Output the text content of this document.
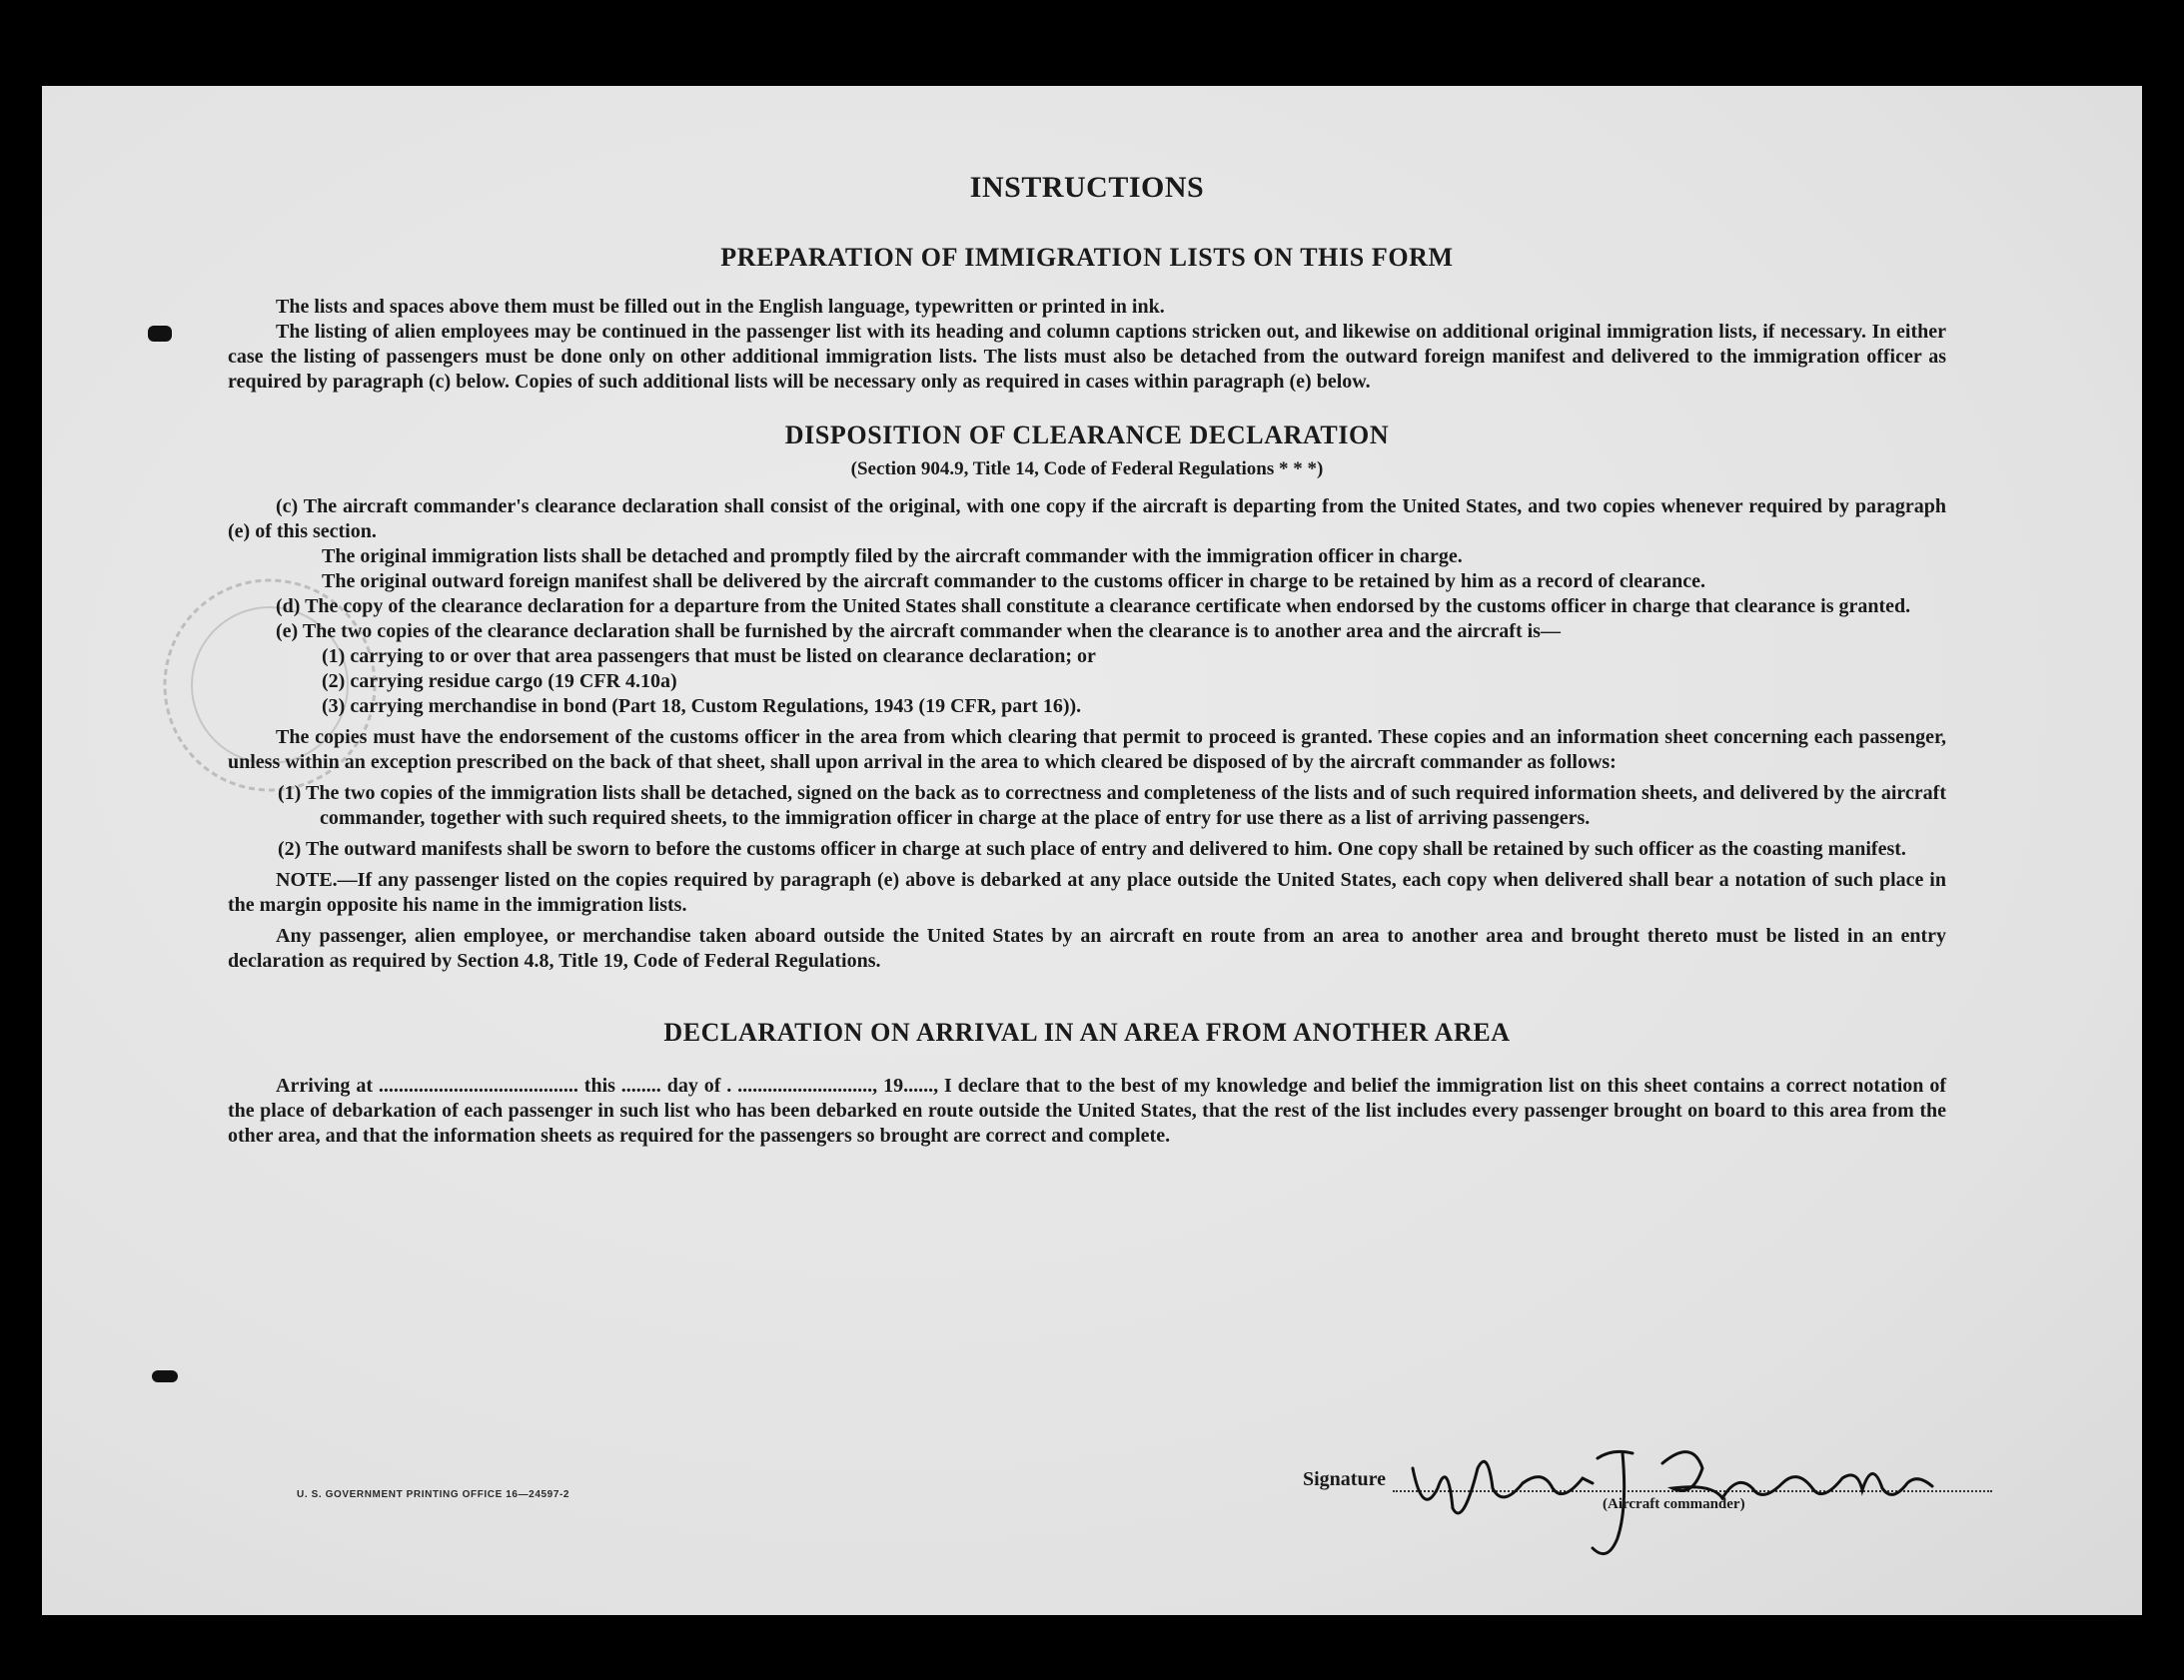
INSTRUCTIONS
PREPARATION OF IMMIGRATION LISTS ON THIS FORM

The lists and spaces above them must be filled out in the English language, typewritten or printed in ink.

The listing of alien employees may be continued in the passenger list with its heading and column captions stricken out, and likewise on additional original immigration lists, if necessary. In either case the listing of passengers must be done only on other additional immigration lists. The lists must also be detached from the outward foreign manifest and delivered to the immigration officer as required by paragraph (c) below. Copies of such additional lists will be necessary only as required in cases within paragraph (e) below.

DISPOSITION OF CLEARANCE DECLARATION
(Section 904.9, Title 14, Code of Federal Regulations * * *)

(c) The aircraft commander's clearance declaration shall consist of the original, with one copy if the aircraft is departing from the United States, and two copies whenever required by paragraph (e) of this section.

The original immigration lists shall be detached and promptly filed by the aircraft commander with the immigration officer in charge.

The original outward foreign manifest shall be delivered by the aircraft commander to the customs officer in charge to be retained by him as a record of clearance.

(d) The copy of the clearance declaration for a departure from the United States shall constitute a clearance certificate when endorsed by the customs officer in charge that clearance is granted.

(e) The two copies of the clearance declaration shall be furnished by the aircraft commander when the clearance is to another area and the aircraft is—

(1) carrying to or over that area passengers that must be listed on clearance declaration; or
(2) carrying residue cargo (19 CFR 4.10a)
(3) carrying merchandise in bond (Part 18, Custom Regulations, 1943 (19 CFR, part 16)).

The copies must have the endorsement of the customs officer in the area from which clearing that permit to proceed is granted. These copies and an information sheet concerning each passenger, unless within an exception prescribed on the back of that sheet, shall upon arrival in the area to which cleared be disposed of by the aircraft commander as follows:

(1) The two copies of the immigration lists shall be detached, signed on the back as to correctness and completeness of the lists and of such required information sheets, and delivered by the aircraft commander, together with such required sheets, to the immigration officer in charge at the place of entry for use there as a list of arriving passengers.

(2) The outward manifests shall be sworn to before the customs officer in charge at such place of entry and delivered to him. One copy shall be retained by such officer as the coasting manifest.

NOTE.—If any passenger listed on the copies required by paragraph (e) above is debarked at any place outside the United States, each copy when delivered shall bear a notation of such place in the margin opposite his name in the immigration lists.

Any passenger, alien employee, or merchandise taken aboard outside the United States by an aircraft en route from an area to another area and brought thereto must be listed in an entry declaration as required by Section 4.8, Title 19, Code of Federal Regulations.

DECLARATION ON ARRIVAL IN AN AREA FROM ANOTHER AREA

Arriving at ........................................ this ........ day of . ..........................., 19......, I declare that to the best of my knowledge and belief the immigration list on this sheet contains a correct notation of the place of debarkation of each passenger in such list who has been debarked en route outside the United States, that the rest of the list includes every passenger brought on board to this area from the other area, and that the information sheets as required for the passengers so brought are correct and complete.

U. S. GOVERNMENT PRINTING OFFICE 16—24597-2
Signature
(Aircraft commander)
